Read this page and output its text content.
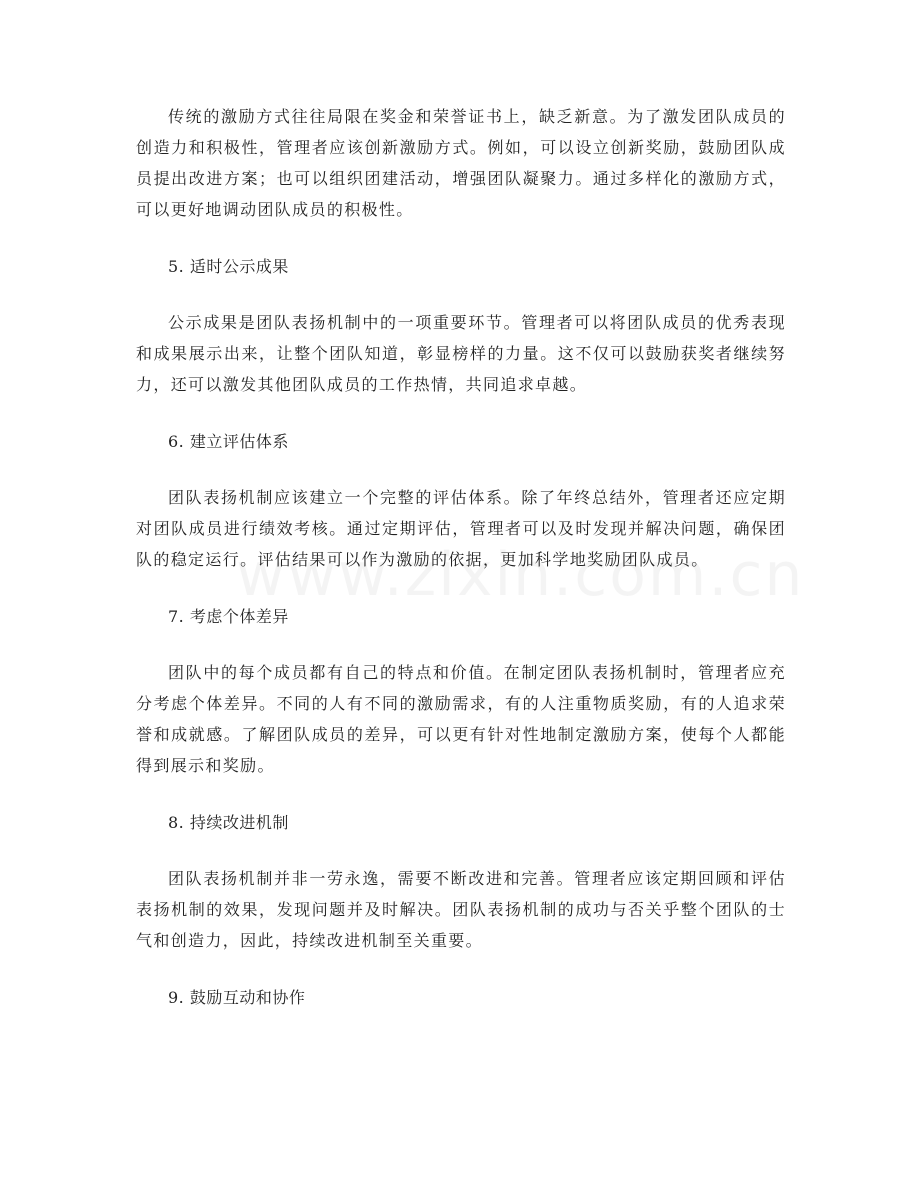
传统的激励方式往往局限在奖金和荣誉证书上，缺乏新意。为了激发团队成员的创造力和积极性，管理者应该创新激励方式。例如，可以设立创新奖励，鼓励团队成员提出改进方案；也可以组织团建活动，增强团队凝聚力。通过多样化的激励方式，可以更好地调动团队成员的积极性。

5. 适时公示成果

公示成果是团队表扬机制中的一项重要环节。管理者可以将团队成员的优秀表现和成果展示出来，让整个团队知道，彰显榜样的力量。这不仅可以鼓励获奖者继续努力，还可以激发其他团队成员的工作热情，共同追求卓越。

6. 建立评估体系

团队表扬机制应该建立一个完整的评估体系。除了年终总结外，管理者还应定期对团队成员进行绩效考核。通过定期评估，管理者可以及时发现并解决问题，确保团队的稳定运行。评估结果可以作为激励的依据，更加科学地奖励团队成员。

7. 考虑个体差异

团队中的每个成员都有自己的特点和价值。在制定团队表扬机制时，管理者应充分考虑个体差异。不同的人有不同的激励需求，有的人注重物质奖励，有的人追求荣誉和成就感。了解团队成员的差异，可以更有针对性地制定激励方案，使每个人都能得到展示和奖励。

8. 持续改进机制

团队表扬机制并非一劳永逸，需要不断改进和完善。管理者应该定期回顾和评估表扬机制的效果，发现问题并及时解决。团队表扬机制的成功与否关乎整个团队的士气和创造力，因此，持续改进机制至关重要。

9. 鼓励互动和协作
